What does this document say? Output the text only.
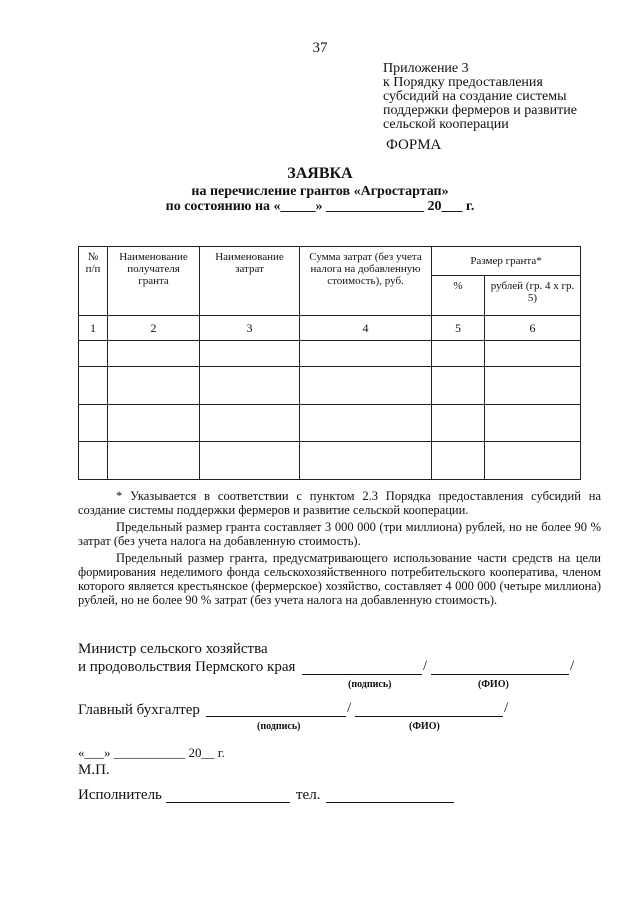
37
Приложение 3
к Порядку предоставления
субсидий на создание системы
поддержки фермеров и развитие
сельской кооперации
ФОРМА
ЗАЯВКА
на перечисление грантов «Агростартап»
по состоянию на «_____» ______________ 20___ г.
№ п/п	Наименование получателя гранта	Наименование затрат	Сумма затрат (без учета налога на добавленную стоимость), руб.	Размер гранта*	
				%	рублей (гр. 4 х гр. 5)
1	2	3	4	5	6

* Указывается в соответствии с пунктом 2.3 Порядка предоставления субсидий на создание системы поддержки фермеров и развитие сельской кооперации.

Предельный размер гранта составляет 3 000 000 (три миллиона) рублей, но не более 90 % затрат (без учета налога на добавленную стоимость).

Предельный размер гранта, предусматривающего использование части средств на цели формирования неделимого фонда сельскохозяйственного потребительского кооператива, членом которого является крестьянское (фермерское) хозяйство, составляет 4 000 000 (четыре миллиона) рублей, но не более 90 % затрат (без учета налога на добавленную стоимость).

Министр сельского хозяйства
и продовольствия Пермского края	/	/
(подпись)	(ФИО)
Главный бухгалтер	/	/
(подпись)	(ФИО)
«___» ___________ 20__ г.
М.П.
Исполнитель	тел.
